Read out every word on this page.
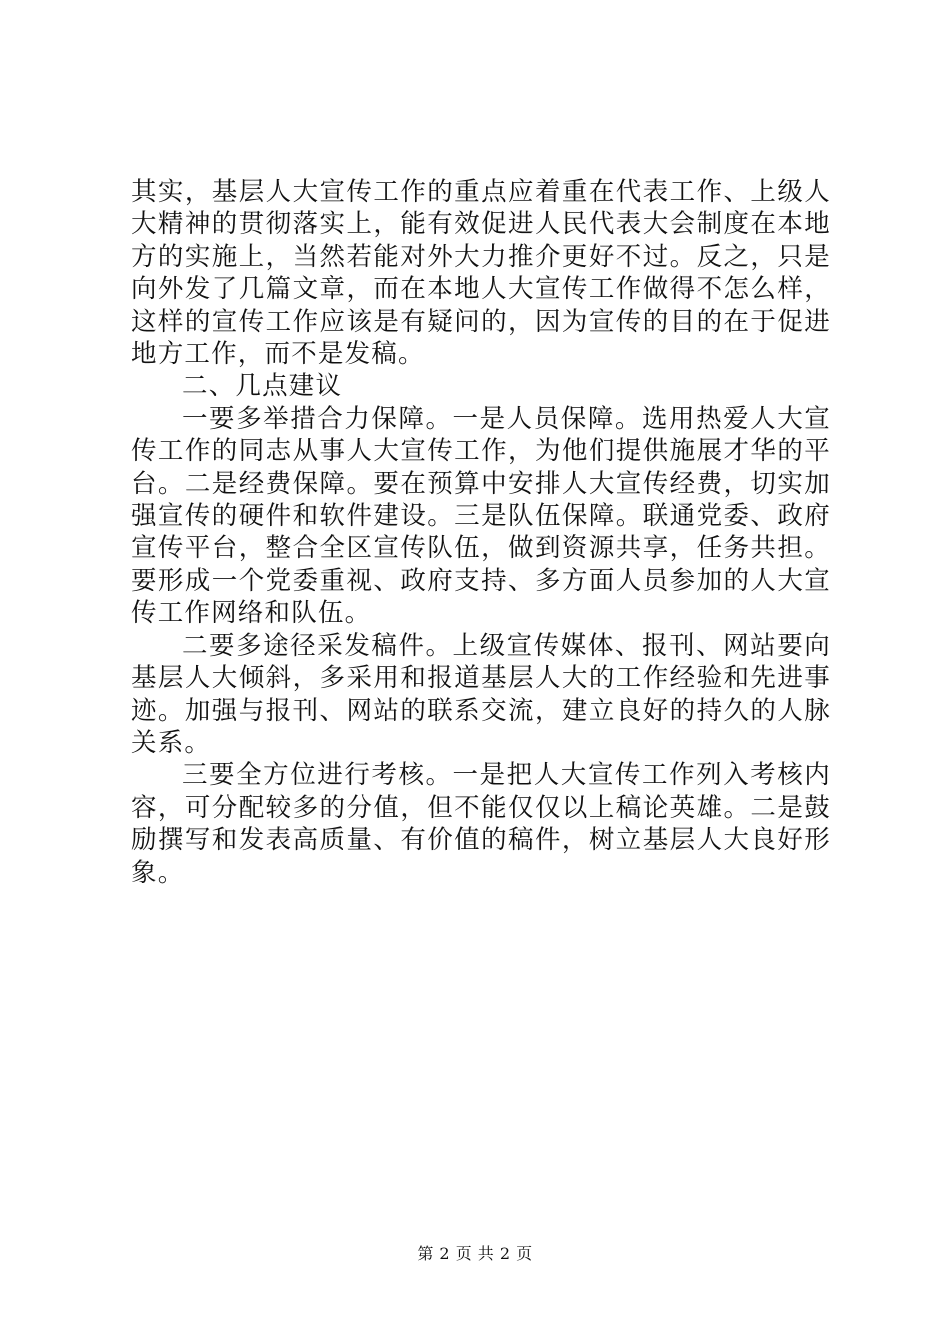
其实，基层人大宣传工作的重点应着重在代表工作、上级人大精神的贯彻落实上，能有效促进人民代表大会制度在本地方的实施上，当然若能对外大力推介更好不过。反之，只是向外发了几篇文章，而在本地人大宣传工作做得不怎么样，这样的宣传工作应该是有疑问的，因为宣传的目的在于促进地方工作，而不是发稿。

二、几点建议

一要多举措合力保障。一是人员保障。选用热爱人大宣传工作的同志从事人大宣传工作，为他们提供施展才华的平台。二是经费保障。要在预算中安排人大宣传经费，切实加强宣传的硬件和软件建设。三是队伍保障。联通党委、政府宣传平台，整合全区宣传队伍，做到资源共享，任务共担。要形成一个党委重视、政府支持、多方面人员参加的人大宣传工作网络和队伍。

二要多途径采发稿件。上级宣传媒体、报刊、网站要向基层人大倾斜，多采用和报道基层人大的工作经验和先进事迹。加强与报刊、网站的联系交流，建立良好的持久的人脉关系。

三要全方位进行考核。一是把人大宣传工作列入考核内容，可分配较多的分值，但不能仅仅以上稿论英雄。二是鼓励撰写和发表高质量、有价值的稿件，树立基层人大良好形象。

第 2 页 共 2 页
